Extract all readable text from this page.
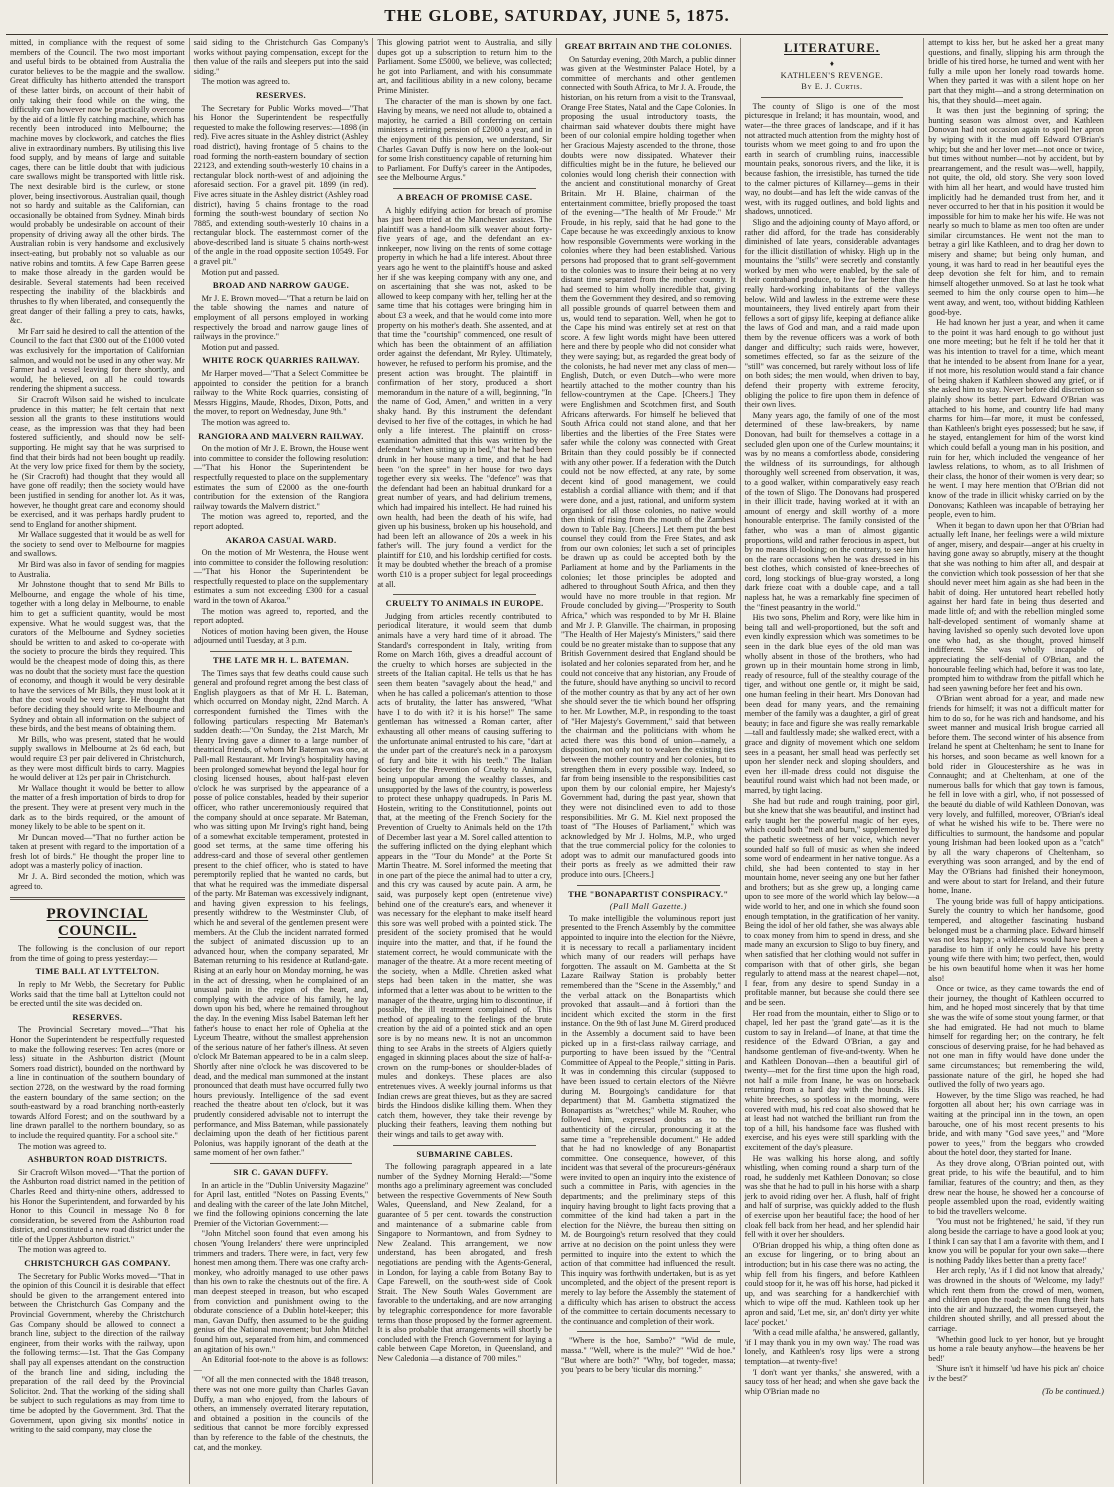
THE GLOBE, SATURDAY, JUNE 5, 1875.

mitted, in compliance with the request of some members of the Council. The two most important and useful birds to be obtained from Australia the curator believes to be the magpie and the swallow. Great difficulty has hitherto attended the transport of these latter birds, on account of their habit of only taking their food while on the wing, the difficulty can however now be practically overcome by the aid of a little fly catching machine, which has recently been introduced into Melbourne; the machine moves by clockwork, and catches the flies alive in extraordinary numbers. By utilising this live food supply, and by means of large and suitable cages, there can be little doubt that with judicious care swallows might be transported with little risk. The next desirable bird is the curlew, or stone plover, being insectivorous. Australian quail, though not so hardy and suitable as the Californian, can occasionally be obtained from Sydney. Minah birds would probably be undesirable on account of their propensity of driving away all the other birds. The Australian robin is very handsome and exclusively insect-eating, but probably not so valuable as our native robins and tomtits. A few Cape Barren geese to make those already in the garden would be desirable. Several statements had been received respecting the inability of the blackbirds and thrushes to fly when liberated, and consequently the great danger of their falling a prey to cats, hawks, &c.

Mr Farr said he desired to call the attention of the Council to the fact that £300 out of the £1000 voted was exclusively for the importation of Californian salmon, and would not be used in any other way. Mr Farmer had a vessel leaving for there shortly, and would, he believed, on all he could towards rendering the shipment a success.

Sir Cracroft Wilson said he wished to inculcate prudence in this matter; he felt certain that next session all the grants to these institutions would cease, as the impression was that they had been fostered sufficiently, and should now be self-supporting. He might say that he was surprised to find that their birds had not been bought up readily. At the very low price fixed for them by the society, he (Sir Cracroft) had thought that they would all have gone off readily; then the society would have been justified in sending for another lot. As it was, however, he thought great care and economy should be exercised, and it was perhaps hardly prudent to send to England for another shipment.

Mr Wallace suggested that it would be as well for the society to send over to Melbourne for magpies and swallows.

Mr Bird was also in favor of sending for magpies to Australia.

Mr Johnstone thought that to send Mr Bills to Melbourne, and engage the whole of his time, together with a long delay in Melbourne, to enable him to get a sufficient quantity, would be most expensive. What he would suggest was, that the curators of the Melbourne and Sydney societies should be written to and asked to co-operate with the society to procure the birds they required. This would be the cheapest mode of doing this, as there was no doubt that the society must face the question of economy, and though it would be very desirable to have the services of Mr Bills, they must look at it that the cost would be very large. He thought that before deciding they should write to Melbourne and Sydney and obtain all information on the subject of these birds, and the best means of obtaining them.

Mr Bills, who was present, stated that he would supply swallows in Melbourne at 2s 6d each, but would require £3 per pair delivered in Christchurch, as they were most difficult birds to carry. Magpies he would deliver at 12s per pair in Christchurch.

Mr Wallace thought it would be better to allow the matter of a fresh importation of birds to drop for the present. They were at present very much in the dark as to the birds required, or the amount of money likely to be able to be spent on it.

Mr Duncan moved—"That no further action be taken at present with regard to the importation of a fresh lot of birds." He thought the proper line to adopt was a masterly policy of inaction.

Mr J. A. Bird seconded the motion, which was agreed to.

PROVINCIAL COUNCIL.

The following is the conclusion of our report from the time of going to press yesterday:—

TIME BALL AT LYTTELTON.

In reply to Mr Webb, the Secretary for Public Works said that the time ball at Lyttelton could not be erected until the site was decided on.

RESERVES.

The Provincial Secretary moved—"That his Honor the Superintendent be respectfully requested to make the following reserves: Ten acres (more or less) situate in the Ashburton district (Mount Somers road district), bounded on the northward by a line in continuation of the southern boundary of section 2728, on the westward by the road forming the eastern boundary of the same section; on the south-eastward by a road branching north-easterly towards Alford Forest; and on the southward by a line drawn parallel to the northern boundary, so as to include the required quantity. For a school site."

The motion was agreed to.

ASHBURTON ROAD DISTRICTS.

Sir Cracroft Wilson moved—"That the portion of the Ashburton road district named in the petition of Charles Reed and thirty-nine others, addressed to his Honor the Superintendent, and forwarded by his Honor to this Council in message No 8 for consideration, be severed from the Ashburton road district, and constituted a new road district under the title of the Upper Ashburton district."

The motion was agreed to.

CHRISTCHURCH GAS COMPANY.

The Secretary for Public Works moved—"That in the opinion of this Council it is desirable that effect should be given to the arrangement entered into between the Christchurch Gas Company and the Provincial Government, whereby the Christchurch Gas Company should be allowed to connect a branch line, subject to the direction of the railway engineer, from their works with the railway, upon the following terms:—1st. That the Gas Company shall pay all expenses attendant on the construction of the branch line and siding, including the preparation of the rail deed by the Provincial Solicitor. 2nd. That the working of the siding shall be subject to such regulations as may from time to time be adopted by the Government. 3rd. That the Government, upon giving six months' notice in writing to the said company, may close the

said siding to the Christchurch Gas Company's works without paying compensation, except for the then value of the rails and sleepers put into the said siding."

The motion was agreed to.

RESERVES.

The Secretary for Public Works moved—"That his Honor the Superintendent be respectfully requested to make the following reserves:—1898 (in red). Five acres situate in the Ashley district (Ashley road district), having frontage of 5 chains to the road forming the north-eastern boundary of section 22123, and extending south-westerly 10 chains in a rectangular block north-west of and adjoining the aforesaid section. For a gravel pit. 1899 (in red). Five acres situate in the Ashley district (Ashley road district), having 5 chains frontage to the road forming the south-west boundary of section No 7885, and extending south-westerly 10 chains in a rectangular block. The easternmost corner of the above-described land is situate 5 chains north-west of the angle in the road opposite section 10549. For a gravel pit."

Motion put and passed.

BROAD AND NARROW GAUGE.

Mr J. E. Brown moved—"That a return be laid on the table showing the names and nature of employment of all persons employed in working respectively the broad and narrow gauge lines of railways in the province."

Motion put and passed.

WHITE ROCK QUARRIES RAILWAY.

Mr Harper moved—"That a Select Committee be appointed to consider the petition for a branch railway to the White Rock quarries, consisting of Messrs Higgins, Maude, Rhodes, Dixon, Potts, and the mover, to report on Wednesday, June 9th."

The motion was agreed to.

RANGIORA AND MALVERN RAILWAY.

On the motion of Mr J. E. Brown, the House went into committee to consider the following resolution:—"That his Honor the Superintendent be respectfully requested to place on the supplementary estimates the sum of £2000 as the one-fourth contribution for the extension of the Rangiora railway towards the Malvern district."

The motion was agreed to, reported, and the report adopted.

AKAROA CASUAL WARD.

On the motion of Mr Westenra, the House went into committee to consider the following resolution:—"That his Honor the Superintendent be respectfully requested to place on the supplementary estimates a sum not exceeding £300 for a casual ward in the town of Akaroa."

The motion was agreed to, reported, and the report adopted.

Notices of motion having been given, the House adjourned until Tuesday, at 3 p.m.

THE LATE MR H. L. BATEMAN.

The Times says that few deaths could cause such general and profound regret among the best class of English playgoers as that of Mr H. L. Bateman, which occurred on Monday night, 22nd March. A correspondent furnished the Times with the following particulars respecting Mr Bateman's sudden death:—"On Sunday, the 21st March, Mr Henry Irving gave a dinner to a large number of theatrical friends, of whom Mr Bateman was one, at Pall-mall Restaurant. Mr Irving's hospitality having been prolonged somewhat beyond the legal hour for closing licensed houses, about half-past eleven o'clock he was surprised by the appearance of a posse of police constables, headed by their superior officer, who rather unceremoniously required that the company should at once separate. Mr Bateman, who was sitting upon Mr Irving's right hand, being of a somewhat excitable temperament, protested in good set terms, at the same time offering his address-card and those of several other gentlemen present to the chief officer, who is stated to have peremptorily replied that he wanted no cards, but that what he required was the immediate dispersal of the party. Mr Bateman was excessively indignant, and having given expression to his feelings, presently withdrew to the Westminster Club, of which he and several of the gentlemen present were members. At the Club the incident narrated formed the subject of animated discussion up to an advanced hour, when the company separated, Mr Bateman returning to his residence at Rutland-gate. Rising at an early hour on Monday morning, he was in the act of dressing, when he complained of an unusual pain in the region of the heart, and, complying with the advice of his family, he lay down upon his bed, where he remained throughout the day. In the evening Miss Isabel Bateman left her father's house to enact her role of Ophelia at the Lyceum Theatre, without the smallest apprehension of the serious nature of her father's illness. At seven o'clock Mr Bateman appeared to be in a calm sleep. Shortly after nine o'clock he was discovered to be dead, and the medical man summoned at the instant pronounced that death must have occurred fully two hours previously. Intelligence of the sad event reached the theatre about ten o'clock, but it was prudently considered advisable not to interrupt the performance, and Miss Bateman, while passionately declaiming upon the death of her fictitious parent Polonius, was happily ignorant of the death at the same moment of her own father."

SIR C. GAVAN DUFFY.

In an article in the "Dublin University Magazine" for April last, entitled "Notes on Passing Events," and dealing with the career of the late John Mitchel, we find the following opinions concerning the late Premier of the Victorian Government:—

"John Mitchel soon found that even among his chosen 'Young Irelanders' there were unprincipled trimmers and traders. There were, in fact, very few honest men among them. There was one crafty arch-monkey, who adroitly managed to use other paws than his own to rake the chestnuts out of the fire. A man deepest steeped in treason, but who escaped from conviction and punishment owing to the obdurate conscience of a Dublin hotel-keeper; this man, Gavan Duffy, then assumed to be the guiding genius of the National movement; but John Mitchel found him out, separated from him, and commenced an agitation of his own."

An Editorial foot-note to the above is as follows:—

"Of all the men connected with the 1848 treason, there was not one more guilty than Charles Gavan Duffy, a man who enjoyed, from the labours of others, an immensely overrated literary reputation, and obtained a position in the councils of the seditious that cannot be more forcibly expressed than by reference to the fable of the chestnuts, the cat, and the monkey.

This glowing patriot went to Australia, and silly dupes got up a subscription to return him to the Parliament. Some £5000, we believe, was collected; he got into Parliament, and with his consummate art, and facilitious ability in a new colony, became Prime Minister.

The character of the man is shown by one fact. Having by means, we need not allude to, obtained a majority, he carried a Bill conferring on certain ministers a retiring pension of £2000 a year, and in the enjoyment of this pension, we understand, Sir Charles Gavan Duffy is now here on the look-out for some Irish constituency capable of returning him to Parliament. For Duffy's career in the Antipodes, see the Melbourne Argus."

A BREACH OF PROMISE CASE.

A highly edifying action for breach of promise has just been tried at the Manchester assizes. The plaintiff was a hand-loom silk weaver about forty-five years of age, and the defendant an ex-innkeeper, now living on the rents of some cottage property in which he had a life interest. About three years ago he went to the plaintiff's house and asked her if she was keeping company with any one, and on ascertaining that she was not, asked to be allowed to keep company with her, telling her at the same time that his cottages were bringing him in about £3 a week, and that he would come into more property on his mother's death. She assented, and at that time the "courtship" commenced, one result of which has been the obtainment of an affiliation order against the defendant, Mr Ryley. Ultimately, however, he refused to perform his promise, and the present action was brought. The plaintiff in confirmation of her story, produced a short memorandum in the nature of a will, beginning, "In the name of God, Amen," and written in a very shaky hand. By this instrument the defendant devised to her five of the cottages, in which he had only a life interest. The plaintiff on cross-examination admitted that this was written by the defendant "when sitting up in bed," that he had been drunk in her house many a time, and that he had been "on the spree" in her house for two days together every six weeks. The "defence" was that the defendant had been an habitual drunkard for a great number of years, and had delirium tremens, which had impaired his intellect. He had ruined his own health, had been the death of his wife, had given up his business, broken up his household, and had been left an allowance of 20s a week in his father's will. The jury found a verdict for the plaintiff for £10, and his lordship certified for costs. It may be doubted whether the breach of a promise worth £10 is a proper subject for legal proceedings at all.

CRUELTY TO ANIMALS IN EUROPE.

Judging from articles recently contributed to periodical literature, it would seem that dumb animals have a very hard time of it abroad. The Standard's correspondent in Italy, writing from Rome on March 16th, gives a dreadful account of the cruelty to which horses are subjected in the streets of the Italian capital. He tells us that he has seen them beaten "savagely about the head," and when he has called a policeman's attention to those acts of brutality, the latter has answered, "What have I to do with it? it is his horse!" The same gentleman has witnessed a Roman carter, after exhausting all other means of causing suffering to the unfortunate animal entrusted to his care, "dart at the under part of the creature's neck in a paroxysm of fury and bite it with his teeth." The Italian Society for the Prevention of Cruelty to Animals, being unpopular among the wealthy classes, and unsupported by the laws of the country, is powerless to protect these unhappy quadrupeds. In Paris M. Hostein, writing to the Constitutionnel, points out that, at the meeting of the French Society for the Prevention of Cruelty to Animals held on the 17th of December last year a M. Sorel called attention to the suffering inflicted on the dying elephant which appears in the "Tour du Monde" at the Porte St Martin Theatre. M. Sorel informed the meeting that in one part of the piece the animal had to utter a cry, and this cry was caused by acute pain. A arm, he said, was purposely kept open (entretenue vive) behind one of the creature's ears, and whenever it was necessary for the elephant to make itself heard this sore was well probed with a pointed stick. The president of the society promised that he would inquire into the matter, and that, if he found the statement correct, he would communicate with the manager of the theatre. At a more recent meeting of the society, when a Mdlle. Chretien asked what steps had been taken in the matter, she was informed that a letter was about to be written to the manager of the theatre, urging him to discontinue, if possible, the ill treatment complained of. This method of appealing to the feelings of the brute creation by the aid of a pointed stick and an open sore is by no means new. It is not an uncommon thing to see Arabs in the streets of Algiers quietly engaged in skinning places about the size of half-a-crown on the rump-bones or shoulder-blades of mules and donkeys. These places are also entretenues vives. A weekly journal informs us that Indian crews are great thieves, but as they are sacred birds the Hindoos dislike killing them. When they catch them, however, they take their revenge by plucking their feathers, leaving them nothing but their wings and tails to get away with.

SUBMARINE CABLES.

The following paragraph appeared in a late number of the Sydney Morning Herald:—"Some months ago a preliminary agreement was concluded between the respective Governments of New South Wales, Queensland, and New Zealand, for a guarantee of 5 per cent. towards the construction and maintenance of a submarine cable from Singapore to Normantown, and from Sydney to New Zealand. This arrangement, we now understand, has been abrogated, and fresh negotiations are pending with the Agents-General, in London, for laying a cable from Botany Bay to Cape Farewell, on the south-west side of Cook Strait. The New South Wales Government are favorable to the undertaking, and are now arranging by telegraphic correspondence for more favorable terms than those proposed by the former agreement. It is also probable that arrangements will shortly be concluded with the French Government for laying a cable between Cape Moreton, in Queensland, and New Caledonia —a distance of 700 miles."

GREAT BRITAIN AND THE COLONIES.

On Saturday evening, 20th March, a public dinner was given at the Westminster Palace Hotel, by a committee of merchants and other gentlemen connected with South Africa, to Mr J. A. Froude, the historian, on his return from a visit to the Transvaal, Orange Free States, Natal and the Cape Colonies. In proposing the usual introductory toasts, the chairman said whatever doubts there might have been of our colonial empire holding together when her Gracious Majesty ascended to the throne, those doubts were now dissipated. Whatever their difficulties might be in the future, he believed our colonies would long cherish their connection with the ancient and constitutional monarchy of Great Britain. Mr H. Blaine, chairman of the entertainment committee, briefly proposed the toast of the evening—"The health of Mr Froude." Mr Froude, in his reply, said that he had gone to the Cape because he was exceedingly anxious to know how responsible Governments were working in the colonies where they had been established. Various persons had proposed that to grant self-government to the colonies was to insure their being at no very distant time separated from the mother country. It had seemed to him wholly incredible that, giving them the Government they desired, and so removing all possible grounds of quarrel between them and us, would tend to separation. Well, when he got to the Cape his mind was entirely set at rest on that score. A few light words might have been uttered here and there by people who did not consider what they were saying; but, as regarded the great body of the colonists, he had never met any class of men—English, Dutch, or even Dutch—who were more heartily attached to the mother country than his fellow-countrymen at the Cape. [Cheers.] They were Englishmen and Scotchmen first, and South Africans afterwards. For himself he believed that South Africa could not stand alone, and that her liberties and the liberties of the Free States were safer while the colony was connected with Great Britain than they could possibly be if connected with any other power. If a federation with the Dutch could not be now effected, at any rate, by some decent kind of good management, we could establish a cordial alliance with them; and if that were done, and a just, rational, and uniform system organised for all those colonies, no native would then think of rising from the mouth of the Zambesi down to Table Bay. [Cheers.] Let them put the best counsel they could from the Free States, and ask from our own colonies; let such a set of principles be drawn up as could be accepted both by the Parliament at home and by the Parliaments in the colonies; let those principles be adopted and adhered to throughout South Africa, and then they would have no more trouble in that region. Mr Froude concluded by giving—"Prosperity to South Africa," which was responded to by Mr H. Blaine and Mr J. P. Glanville. The chairman, in proposing "The Health of Her Majesty's Ministers," said there could be no greater mistake than to suppose that any British Government desired that England should be isolated and her colonies separated from her, and he could not conceive that any historian, any Froude of the future, should have anything so uncivil to record of the mother country as that by any act of her own she should sever the tie which bound her offspring to her. Mr Lowther, M.P., in responding to the toast of "Her Majesty's Government," said that between the chairman and the politicians with whom he acted there was this bond of union—namely, a disposition, not only not to weaken the existing ties between the mother country and her colonies, but to strengthen them in every possible way. Indeed, so far from being insensible to the responsibilities cast upon them by our colonial empire, her Majesty's Government had, during the past year, shown that they were not disinclined even to add to those responsibilities. Mr G. M. Kiel next proposed the toast of "The Houses of Parliament," which was acknowledged by Mr J. Holms, M.P., who urged that the true commercial policy for the colonies to adopt was to admit our manufactured goods into their ports as freely as we admitted their raw produce into ours. [Cheers.]

THE "BONAPARTIST CONSPIRACY."
(Pall Mall Gazette.)

To make intelligible the voluminous report just presented to the French Assembly by the committee appointed to inquire into the election for the Nièvre, it is necessary to recall a parliamentary incident which many of our readers will perhaps have forgotten. The assault on M. Gambetta at the St Lazare Railway Station is probably better remembered than the "Scene in the Assembly," and the verbal attack on the Bonapartists which provoked that assault—and à fortiori than the incident which excited the storm in the first instance. On the 9th of last June M. Girerd produced in the Assembly a document said to have been picked up in a first-class railway carriage, and purporting to have been issued by the "Central Committee of Appeal to the People," sitting in Paris. It was in condemning this circular (supposed to have been issued to certain electors of the Nièvre during M. Bourgoing's candidature for that department) that M. Gambetta stigmatized the Bonapartists as "wretches;" while M. Rouher, who followed him, expressed doubts as to the authenticity of the circular, pronouncing it at the same time a "reprehensible document." He added that he had no knowledge of any Bonapartist committee. One consequence, however, of this incident was that several of the procureurs-généraux were invited to open an inquiry into the existence of such a committee in Paris, with agencies in the departments; and the preliminary steps of this inquiry having brought to light facts proving that a committee of the kind had taken a part in the election for the Nièvre, the bureau then sitting on M. de Bourgoing's return resolved that they could arrive at no decision on the point unless they were permitted to inquire into the extent to which the action of that committee had influenced the result. This inquiry was forthwith undertaken, but is as yet uncompleted, and the object of the present report is merely to lay before the Assembly the statement of a difficulty which has arisen to obstruct the access of the committee to certain documents necessary to the continuance and completion of their work.

"Where is the hoe, Sambo?" "Wid de mule, massa." "Well, where is the mule?" "Wid de hoe." "But where are both?" "Why, bof togeder, massa; you 'pears to be bery 'ticular dis morning."

LITERATURE.
♦
KATHLEEN'S REVENGE.
By E. J. Curtis.

The county of Sligo is one of the most picturesque in Ireland; it has mountain, wood, and water—the three graces of landscape, and if it has not attracted much attention from the mighty host of tourists whom we meet going to and fro upon the earth in search of crumbling ruins, inaccessible mountain peaks, sonorous rivers, and the like, it is because fashion, the irresistible, has turned the tide to the calmer pictures of Killarney—gems in their way, no doubt—and has left the wide canvas of the west, with its rugged outlines, and bold lights and shadows, unnoticed.

Sligo and the adjoining county of Mayo afford, or rather did afford, for the trade has considerably diminished of late years, considerable advantages for the illicit distillation of whisky. High up in the mountains the "stills" were secretly and constantly worked by men who were enabled, by the sale of their contraband produce, to live far better than the really hard-working inhabitants of the valleys below. Wild and lawless in the extreme were these mountaineers, they lived entirely apart from their fellows a sort of gipsy life, keeping at defiance alike the laws of God and man, and a raid made upon them by the revenue officers was a work of both danger and difficulty; such raids were, however, sometimes effected, so far as the seizure of the "still" was concerned, but rarely without loss of life on both sides; the men would, when driven to bay, defend their property with extreme ferocity, obliging the police to fire upon them in defence of their own lives.

Many years ago, the family of one of the most determined of these law-breakers, by name Donovan, had built for themselves a cottage in a secluded glen upon one of the Curlew mountains; it was by no means a comfortless abode, considering the wildness of its surroundings, for although thoroughly well screened from observation, it was, to a good walker, within comparatively easy reach of the town of Sligo. The Donovans had prospered in their illicit trade, having worked at it with an amount of energy and skill worthy of a more honourable enterprise. The family consisted of the father, who was a man of almost gigantic proportions, wild and rather ferocious in aspect, but by no means ill-looking; on the contrary, to see him on the rare occasions when he was dressed in his best clothes, which consisted of knee-breeches of cord, long stockings of blue-gray worsted, a long dark frieze coat with a double cape, and a tall napless hat, he was a remarkably fine specimen of the "finest peasantry in the world."

His two sons, Phelim and Rory, were like him in being tall and well-proportioned, but the soft and even kindly expression which was sometimes to be seen in the dark blue eyes of the old man was wholly absent in those of the brothers, who had grown up in their mountain home strong in limb, ready of resource, full of the stealthy courage of the tiger, and without one gentle or, it might be said, one human feeling in their heart. Mrs Donovan had been dead for many years, and the remaining member of the family was a daughter, a girl of great beauty; in face and figure she was really remarkable—tall and faultlessly made; she walked erect, with a grace and dignity of movement which one seldom sees in a peasant, her small head was perfectly set upon her slender neck and sloping shoulders, and even her ill-made dress could not disguise the beautiful round waist which had not been made, or marred, by tight lacing.

She had but rude and rough training, poor girl, but she knew that she was beautiful, and instinct had early taught her the powerful magic of her eyes, which could both "melt and burn," supplemented by the pathetic sweetness of her voice, which never sounded half so full of music as when she indeed some word of endearment in her native tongue. As a child, she had been contented to stay in her mountain home, never seeing any one but her father and brothers; but as she grew up, a longing came upon to see more of the world which lay below—a wide world to her, and one in which she found soon enough temptation, in the gratification of her vanity. Being the idol of her old father, she was always able to coax money from him to spend in dress, and she made many an excursion to Sligo to buy finery, and when satisfied that her clothing would not suffer in comparison with that of other girls, she began regularly to attend mass at the nearest chapel—not, I fear, from any desire to spend Sunday in a profitable manner, but because she could there see and be seen.

Her road from the mountain, either to Sligo or to chapel, led her past the 'grand gate'—as it is the custom to say in Ireland—of Inane, at that time the residence of the Edward O'Brian, a gay and handsome gentleman of five-and-twenty. When he and Kathleen Donovan—then a beautiful girl of twenty—met for the first time upon the high road, not half a mile from Inane, he was on horseback returning from a hard day with the hounds. His white breeches, so spotless in the morning, were covered with mud, his red coat also showed that he at least had not watched the brilliant run from the top of a hill, his handsome face was flushed with exercise, and his eyes were still sparkling with the excitement of the day's pleasure.

He was walking his horse along, and softly whistling, when coming round a sharp turn of the road, he suddenly met Kathleen Donovan; so close was she that he had to pull in his horse with a sharp jerk to avoid riding over her. A flush, half of fright and half of surprise, was quickly added to the flush of exercise upon her beautiful face; the hood of her cloak fell back from her head, and her splendid hair fell with it over her shoulders.

O'Brian dropped his whip, a thing often done as an excuse for lingering, or to bring about an introduction; but in his case there was no acting, the whip fell from his fingers, and before Kathleen could stoop for it, he was off his horse, had picked it up, and was searching for a handkerchief with which to wipe off the mud. Kathleen took up her apron and said, 'Let me, sir, an' don't dirty yer white lace' pocket.'

'With a cead mille afaltha,' he answered, gallantly, 'if I may thank you in my own way.' The road was lonely, and Kathleen's rosy lips were a strong temptation—at twenty-five!

'I don't want yer thanks,' she answered, with a saucy toss of her head; and when she gave back the whip O'Brian made no

attempt to kiss her, but he asked her a great many questions, and finally, slipping his arm through the bridle of his tired horse, he turned and went with her fully a mile upon her lonely road towards home. When they parted it was with a silent hope on her part that they might—and a strong determination on his, that they should—meet again.

It was then just the beginning of spring; the hunting season was almost over, and Kathleen Donovan had not occasion again to spoil her apron by wiping with it the mud off Edward O'Brian's whip; but she and her lover met—not once or twice, but times without number—not by accident, but by prearrangement, and the result was—well, happily, not quite, the old, old story. She very soon loved with him all her heart, and would have trusted him implicitly had he demanded trust from her, and it never occurred to her that in his position it would be impossible for him to make her his wife. He was not nearly so much to blame as men too often are under similar circumstances. He went not the man to betray a girl like Kathleen, and to drag her down to misery and shame; but being only human, and young, it was hard to read in her beautiful eyes the deep devotion she felt for him, and to remain himself altogether unmoved. So at last he took what seemed to him the only course open to him—he went away, and went, too, without bidding Kathleen good-bye.

He had known her just a year, and when it came to the point it was hard enough to go without just one more meeting; but he felt if he told her that it was his intention to travel for a time, which meant that he intended to be absent from Inane for a year, if not more, his resolution would stand a fair chance of being shaken if Kathleen showed any grief, or if she asked him to stay. Never before did discretion so plainly show its better part. Edward O'Brian was attached to his home, and country life had many charms for him—far more, it must be confessed, than Kathleen's bright eyes possessed; but he saw, if he stayed, entanglement for him of the worst kind which could befall a young man in his position, and ruin for her, which included the vengeance of her lawless relations, to whom, as to all Irishmen of their class, the honor of their women is very dear; so he went. I may here mention that O'Brian did not know of the trade in illicit whisky carried on by the Donovans; Kathleen was incapable of betraying her people, even to him.

When it began to dawn upon her that O'Brian had actually left Inane, her feelings were a wild mixture of anger, misery, and despair—anger at his cruelty in having gone away so abruptly, misery at the thought that she was nothing to him after all, and despair at the conviction which took possession of her that she should never meet him again as she had been in the habit of doing. Her untutored heart rebelled hotly against her hard fate in being thus deserted and made little of; and with the rebellion mingled some half-developed sentiment of womanly shame at having lavished so openly such devoted love upon one who had, as she thought, proved himself indifferent. She was wholly incapable of appreciating the self-denial of O'Brian, and the honourable feeling which had, before it was too late, prompted him to withdraw from the pitfall which he had seen yawning before her feet and his own.

O'Brian went abroad for a year, and made new friends for himself; it was not a difficult matter for him to do so, for he was rich and handsome, and his sweet manner and musical Irish brogue carried all before them. The second winter of his absence from Ireland he spent at Cheltenham; he sent to Inane for his horses, and soon became as well known for a bold rider in Gloucestershire as he was in Connaught; and at Cheltenham, at one of the numerous balls for which that gay town is famous, he fell in love with a girl, who, if not possessed of the beauté du diable of wild Kathleen Donovan, was very lovely, and fulfilled, moreover, O'Brian's ideal of what he wished his wife to be. There were no difficulties to surmount, the handsome and popular young Irishman had been looked upon as a "catch" by all the wary chaperons of Cheltenham, so everything was soon arranged, and by the end of May the O'Brians had finished their honeymoon, and were about to start for Ireland, and their future home, Inane.

The young bride was full of happy anticipations. Surely the country to which her handsome, good tempered, and altogether fascinating husband belonged must be a charming place. Edward himself was not less happy; a wilderness would have been a paradise to him if only he could have his pretty young wife there with him; two perfect, then, would be his own beautiful home when it was her home also!

Once or twice, as they came towards the end of their journey, the thought of Kathleen occurred to him, and he hoped most sincerely that by that time she was the wife of some stout young farmer, or that she had emigrated. He had not much to blame himself for regarding her; on the contrary, he felt conscious of deserving praise, for he had behaved as not one man in fifty would have done under the same circumstances; but remembering the wild, passionate nature of the girl, he hoped she had outlived the folly of two years ago.

However, by the time Sligo was reached, he had forgotten all about her; his own carriage was in waiting at the principal inn in the town, an open barouche, one of his most recent presents to his bride, and with many "God save yees," and "More power to yees," from the beggars who crowded about the hotel door, they started for Inane.

As they drove along, O'Brian pointed out, with great pride, to his wife the beautiful, and to him familiar, features of the country; and then, as they drew near the house, he showed her a concourse of people assembled upon the road, evidently waiting to bid the travellers welcome.

'You must not be frightened,' he said, 'if they run along beside the carriage to have a good look at you; I think I can say that I am a favorite with them, and I know you will be popular for your own sake—there is nothing Paddy likes better than a pretty face!'

Her arch reply, 'As if I did not know that already,' was drowned in the shouts of 'Welcome, my lady!' which rent them from the crowd of men, women, and children upon the road; the men flung their hats into the air and huzzaed, the women curtseyed, the children shouted shrilly, and all pressed about the carriage.

'Whethin good luck to yer honor, but ye brought us home a rale beauty anyhow—the heavens be her bed!'

'Shure isn't it himself 'ud have his pick an' choice iv the best?'

(To be continued.)
